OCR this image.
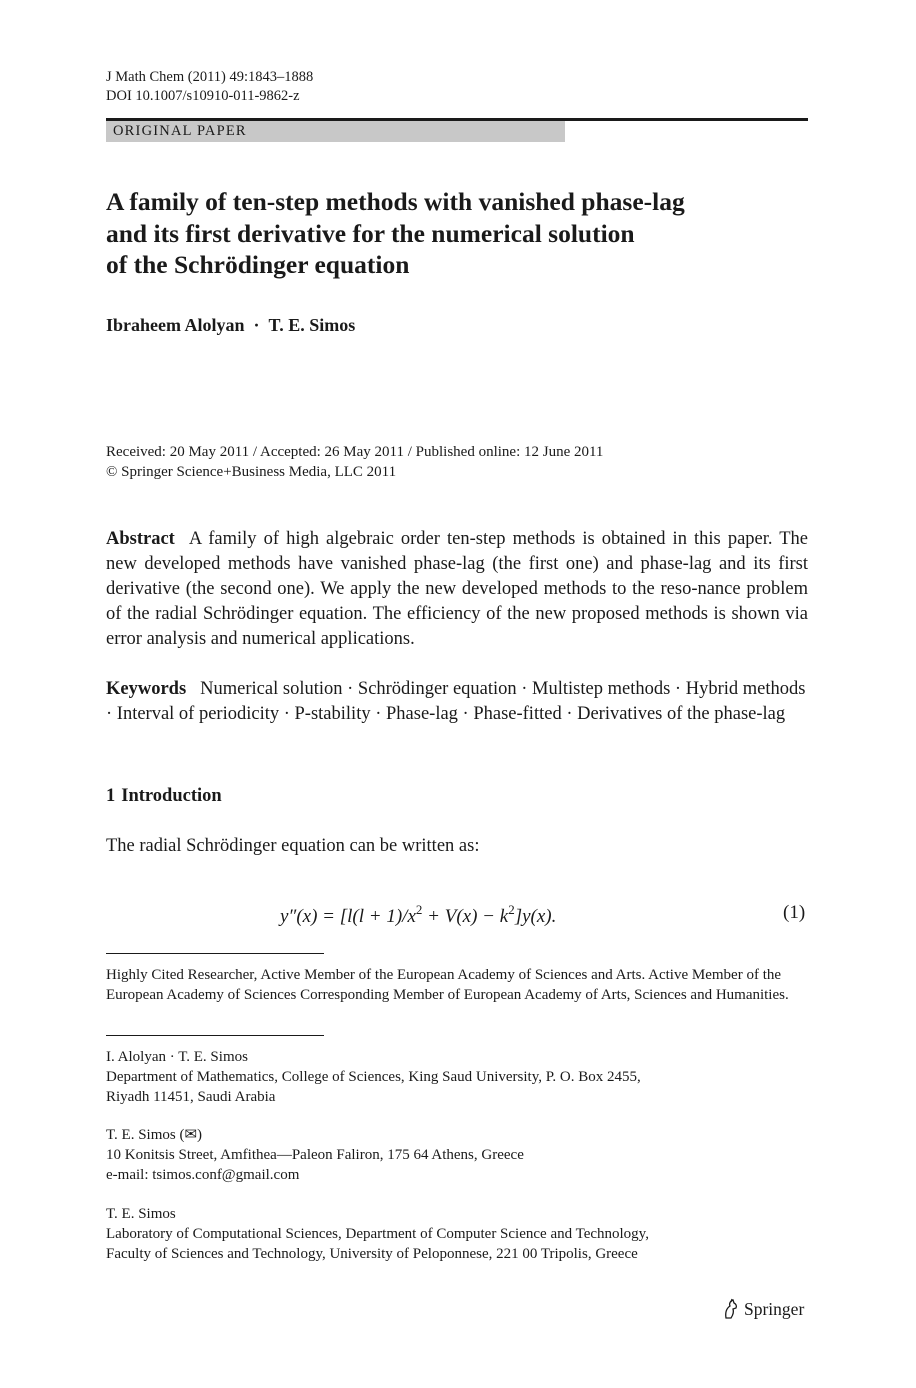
J Math Chem (2011) 49:1843–1888
DOI 10.1007/s10910-011-9862-z
ORIGINAL PAPER
A family of ten-step methods with vanished phase-lag
and its first derivative for the numerical solution
of the Schrödinger equation
Ibraheem Alolyan · T. E. Simos
Received: 20 May 2011 / Accepted: 26 May 2011 / Published online: 12 June 2011
© Springer Science+Business Media, LLC 2011
Abstract A family of high algebraic order ten-step methods is obtained in this paper. The new developed methods have vanished phase-lag (the first one) and phase-lag and its first derivative (the second one). We apply the new developed methods to the reso-nance problem of the radial Schrödinger equation. The efficiency of the new proposed methods is shown via error analysis and numerical applications.
Keywords Numerical solution · Schrödinger equation · Multistep methods · Hybrid methods · Interval of periodicity · P-stability · Phase-lag · Phase-fitted · Derivatives of the phase-lag
1 Introduction
The radial Schrödinger equation can be written as:
$y''(x) = [l(l + 1)/x^2 + V(x) - k^2]y(x)$.	(1)
Highly Cited Researcher, Active Member of the European Academy of Sciences and Arts. Active Member of the European Academy of Sciences Corresponding Member of European Academy of Arts, Sciences and Humanities.
I. Alolyan · T. E. Simos
Department of Mathematics, College of Sciences, King Saud University, P. O. Box 2455,
Riyadh 11451, Saudi Arabia
T. E. Simos (✉)
10 Konitsis Street, Amfithea—Paleon Faliron, 175 64 Athens, Greece
e-mail: tsimos.conf@gmail.com
T. E. Simos
Laboratory of Computational Sciences, Department of Computer Science and Technology,
Faculty of Sciences and Technology, University of Peloponnese, 221 00 Tripolis, Greece
Springer
